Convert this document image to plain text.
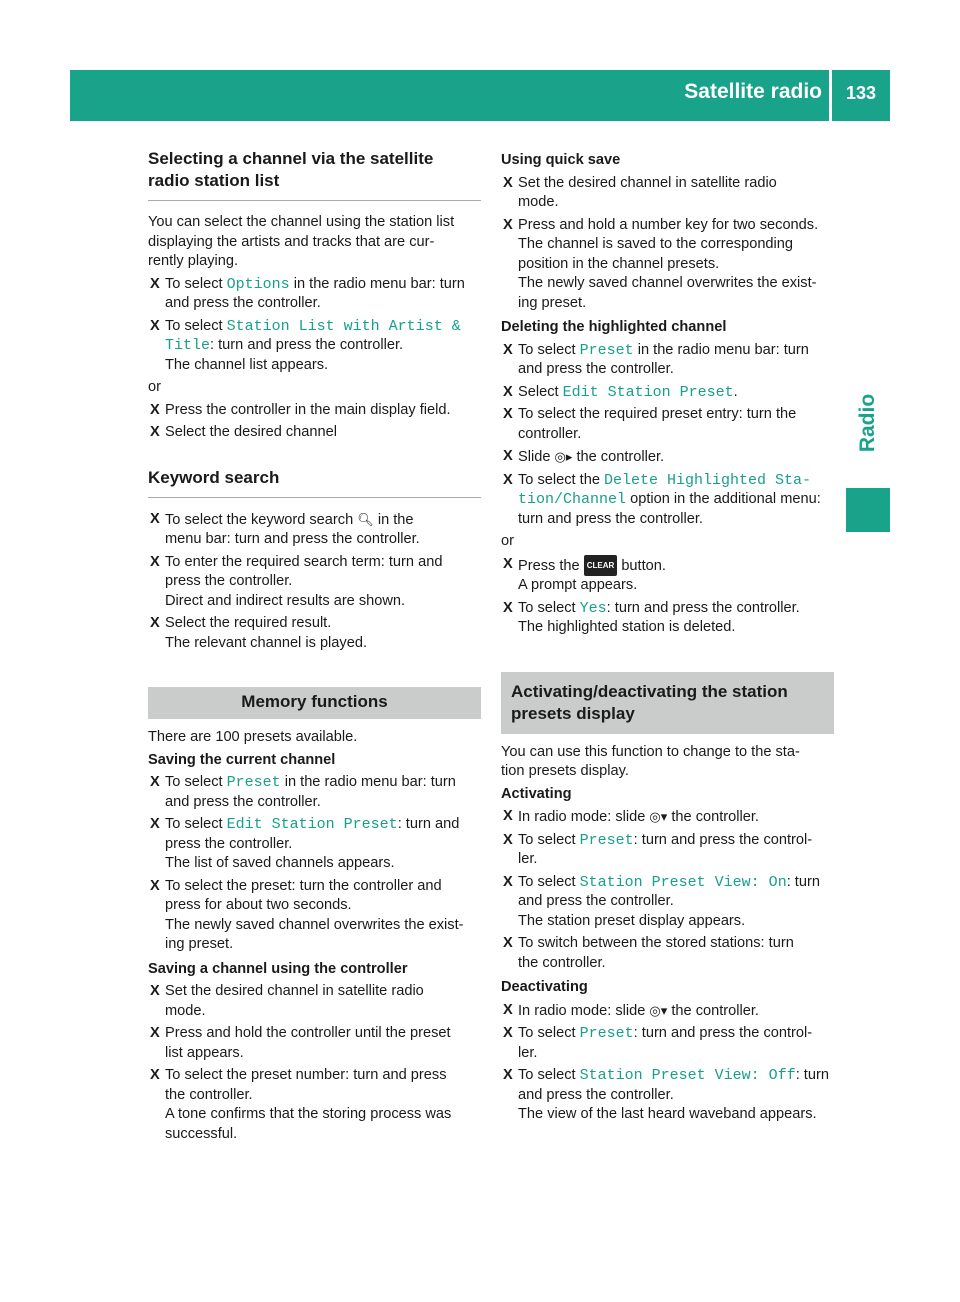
Satellite radio 133
Radio
Selecting a channel via the satellite
radio station list

You can select the channel using the station list
displaying the artists and tracks that are cur-
rently playing.

X To select Options in the radio menu bar: turn
and press the controller.
X To select Station List with Artist &
Title: turn and press the controller.
The channel list appears.

or

X Press the controller in the main display field.
X Select the desired channel
Keyword search
X To select the keyword search 🔍︎ in the
menu bar: turn and press the controller.
X To enter the required search term: turn and
press the controller.
Direct and indirect results are shown.
X Select the required result.
The relevant channel is played.
Memory functions

There are 100 presets available.

Saving the current channel

X To select Preset in the radio menu bar: turn
and press the controller.
X To select Edit Station Preset: turn and
press the controller.
The list of saved channels appears.
X To select the preset: turn the controller and
press for about two seconds.
The newly saved channel overwrites the exist-
ing preset.

Saving a channel using the controller

X Set the desired channel in satellite radio
mode.
X Press and hold the controller until the preset
list appears.
X To select the preset number: turn and press
the controller.
A tone confirms that the storing process was
successful.

Using quick save

X Set the desired channel in satellite radio
mode.
X Press and hold a number key for two seconds.
The channel is saved to the corresponding
position in the channel presets.
The newly saved channel overwrites the exist-
ing preset.

Deleting the highlighted channel

X To select Preset in the radio menu bar: turn
and press the controller.
X Select Edit Station Preset.
X To select the required preset entry: turn the
controller.
X Slide ◎▸ the controller.
X To select the Delete Highlighted Sta‐
tion/Channel option in the additional menu:
turn and press the controller.

or

X Press the CLEAR button.
A prompt appears.
X To select Yes: turn and press the controller.
The highlighted station is deleted.
Activating/deactivating the station
presets display

You can use this function to change to the sta-
tion presets display.

Activating

X In radio mode: slide ◎▾ the controller.
X To select Preset: turn and press the control-
ler.
X To select Station Preset View: On: turn
and press the controller.
The station preset display appears.
X To switch between the stored stations: turn
the controller.

Deactivating

X In radio mode: slide ◎▾ the controller.
X To select Preset: turn and press the control-
ler.
X To select Station Preset View: Off: turn
and press the controller.
The view of the last heard waveband appears.
